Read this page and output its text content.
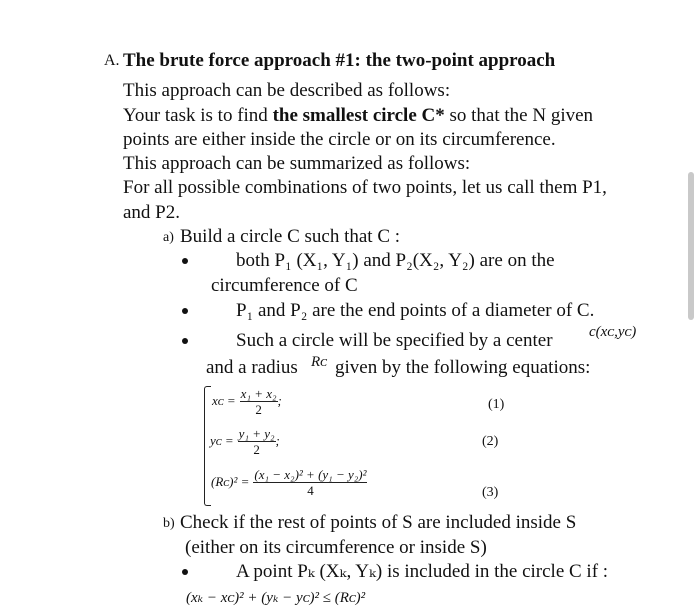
A. The brute force approach #1: the two-point approach
This approach can be described as follows:
Your task is to find the smallest circle C* so that the N given
points are either inside the circle or on its circumference.
This approach can be summarized as follows:
For all possible combinations of two points, let us call them P1,
and P2.
a) Build a circle C such that C :
both P₁ (X₁, Y₁) and P₂(X₂, Y₂) are on the
circumference of C
P₁ and P₂ are the end points of a diameter of C.
Such a circle will be specified by a center c(xᴄ,yᴄ)
and a radius Rᴄ given by the following equations:
xᴄ = $\frac{\text{x₁ + x₂}}{2}$ ;	(1)
yᴄ = $\frac{\text{y₁ + y₂}}{2}$ ;	(2)
(Rᴄ)² = $\frac{\text{(x₁ − x₂)² + (y₁ − y₂)²}}{4}$	(3)
b) Check if the rest of points of S are included inside S
(either on its circumference or inside S)
A point Pₖ (Xₖ, Yₖ) is included in the circle C if :
(xₖ − xᴄ)² + (yₖ − yᴄ)² ≤ (Rᴄ)²
